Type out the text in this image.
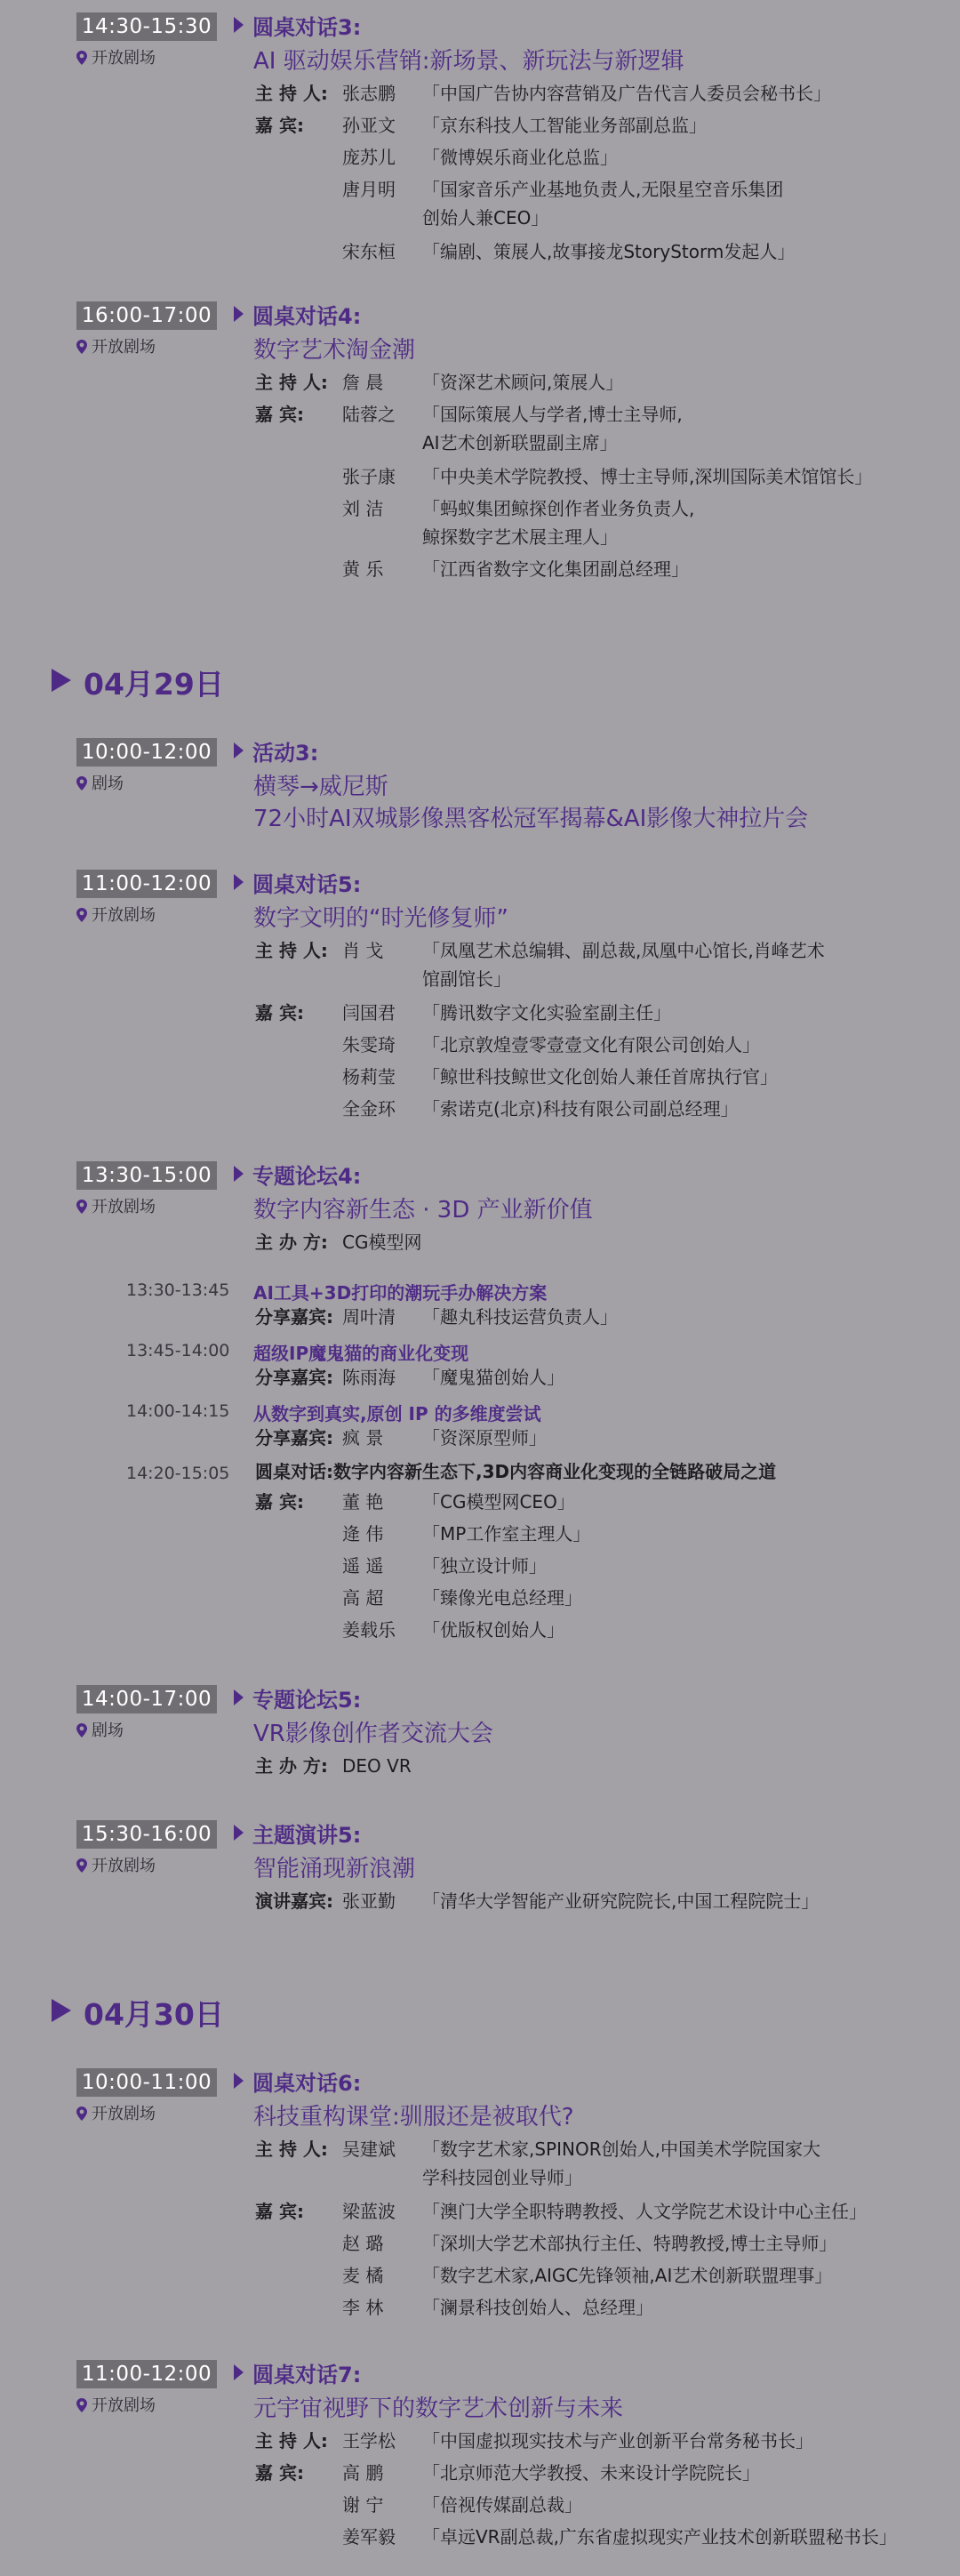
14:30-15:30
开放剧场
圆桌对话3:
AI 驱动娱乐营销:新场景、新玩法与新逻辑
主 持 人: 张志鹏 「中国广告协内容营销及广告代言人委员会秘书长」
嘉 宾: 孙亚文 「京东科技人工智能业务部副总监」
庞苏儿 「微博娱乐商业化总监」
唐月明 「国家音乐产业基地负责人,无限星空音乐集团
创始人兼CEO」
宋东桓 「编剧、策展人,故事接龙StoryStorm发起人」
16:00-17:00
开放剧场
圆桌对话4:
数字艺术淘金潮
主 持 人: 詹 晨 「资深艺术顾问,策展人」
嘉 宾: 陆蓉之 「国际策展人与学者,博士主导师,
AI艺术创新联盟副主席」
张子康 「中央美术学院教授、博士主导师,深圳国际美术馆馆长」
刘 洁 「蚂蚁集团鲸探创作者业务负责人,
鲸探数字艺术展主理人」
黄 乐 「江西省数字文化集团副总经理」
04月29日
10:00-12:00
剧场
活动3:
横琴→威尼斯
72小时AI双城影像黑客松冠军揭幕&AI影像大神拉片会
11:00-12:00
开放剧场
圆桌对话5:
数字文明的“时光修复师”
主 持 人: 肖 戈 「凤凰艺术总编辑、副总裁,凤凰中心馆长,肖峰艺术
馆副馆长」
嘉 宾: 闫国君 「腾讯数字文化实验室副主任」
朱雯琦 「北京敦煌壹零壹壹文化有限公司创始人」
杨莉莹 「鲸世科技鲸世文化创始人兼任首席执行官」
全金环 「索诺克(北京)科技有限公司副总经理」
13:30-15:00
开放剧场
专题论坛4:
数字内容新生态 · 3D 产业新价值
主 办 方: CG模型网
13:30-13:45 AI工具+3D打印的潮玩手办解决方案
分享嘉宾: 周叶清 「趣丸科技运营负责人」
13:45-14:00 超级IP魔鬼猫的商业化变现
分享嘉宾: 陈雨海 「魔鬼猫创始人」
14:00-14:15 从数字到真实,原创 IP 的多维度尝试
分享嘉宾: 疯 景 「资深原型师」
14:20-15:05 圆桌对话:数字内容新生态下,3D内容商业化变现的全链路破局之道
嘉 宾: 董 艳 「CG模型网CEO」
逄 伟 「MP工作室主理人」
遥 遥 「独立设计师」
高 超 「臻像光电总经理」
姜载乐 「优版权创始人」
14:00-17:00
剧场
专题论坛5:
VR影像创作者交流大会
主 办 方: DEO VR
15:30-16:00
开放剧场
主题演讲5:
智能涌现新浪潮
演讲嘉宾: 张亚勤 「清华大学智能产业研究院院长,中国工程院院士」
04月30日
10:00-11:00
开放剧场
圆桌对话6:
科技重构课堂:驯服还是被取代?
主 持 人: 吴建斌 「数字艺术家,SPINOR创始人,中国美术学院国家大
学科技园创业导师」
嘉 宾: 梁蓝波 「澳门大学全职特聘教授、人文学院艺术设计中心主任」
赵 璐 「深圳大学艺术部执行主任、特聘教授,博士主导师」
麦 橘 「数字艺术家,AIGC先锋领袖,AI艺术创新联盟理事」
李 林 「澜景科技创始人、总经理」
11:00-12:00
开放剧场
圆桌对话7:
元宇宙视野下的数字艺术创新与未来
主 持 人: 王学松 「中国虚拟现实技术与产业创新平台常务秘书长」
嘉 宾: 高 鹏 「北京师范大学教授、未来设计学院院长」
谢 宁 「倍视传媒副总裁」
姜军毅 「卓远VR副总裁,广东省虚拟现实产业技术创新联盟秘书长」
